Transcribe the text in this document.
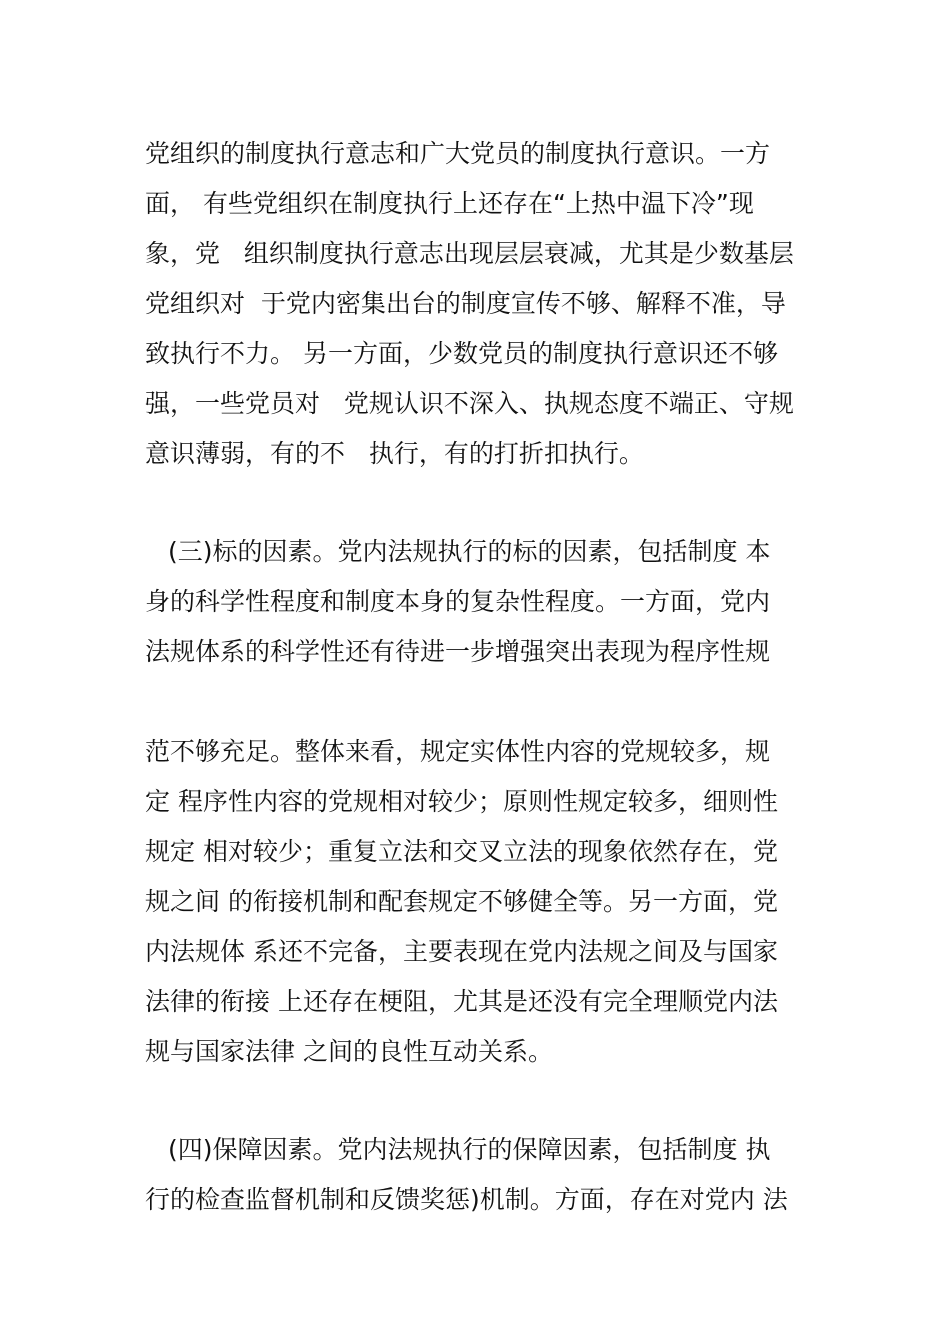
党组织的制度执行意志和广大党员的制度执行意识。一方
面， 有些党组织在制度执行上还存在“上热中温下冷”现
象，党   组织制度执行意志出现层层衰减，尤其是少数基层
党组织对  于党内密集出台的制度宣传不够、解释不准，导
致执行不力。 另一方面，少数党员的制度执行意识还不够
强，一些党员对   党规认识不深入、执规态度不端正、守规
意识薄弱，有的不   执行，有的打折扣执行。
(三)标的因素。党内法规执行的标的因素，包括制度 本
身的科学性程度和制度本身的复杂性程度。一方面，党内
法规体系的科学性还有待进一步增强突出表现为程序性规
范不够充足。整体来看，规定实体性内容的党规较多，规
定 程序性内容的党规相对较少；原则性规定较多，细则性
规定 相对较少；重复立法和交叉立法的现象依然存在，党
规之间 的衔接机制和配套规定不够健全等。另一方面，党
内法规体 系还不完备，主要表现在党内法规之间及与国家
法律的衔接 上还存在梗阻，尤其是还没有完全理顺党内法
规与国家法律 之间的良性互动关系。
(四)保障因素。党内法规执行的保障因素，包括制度 执
行的检查监督机制和反馈奖惩)机制。方面，存在对党内 法
